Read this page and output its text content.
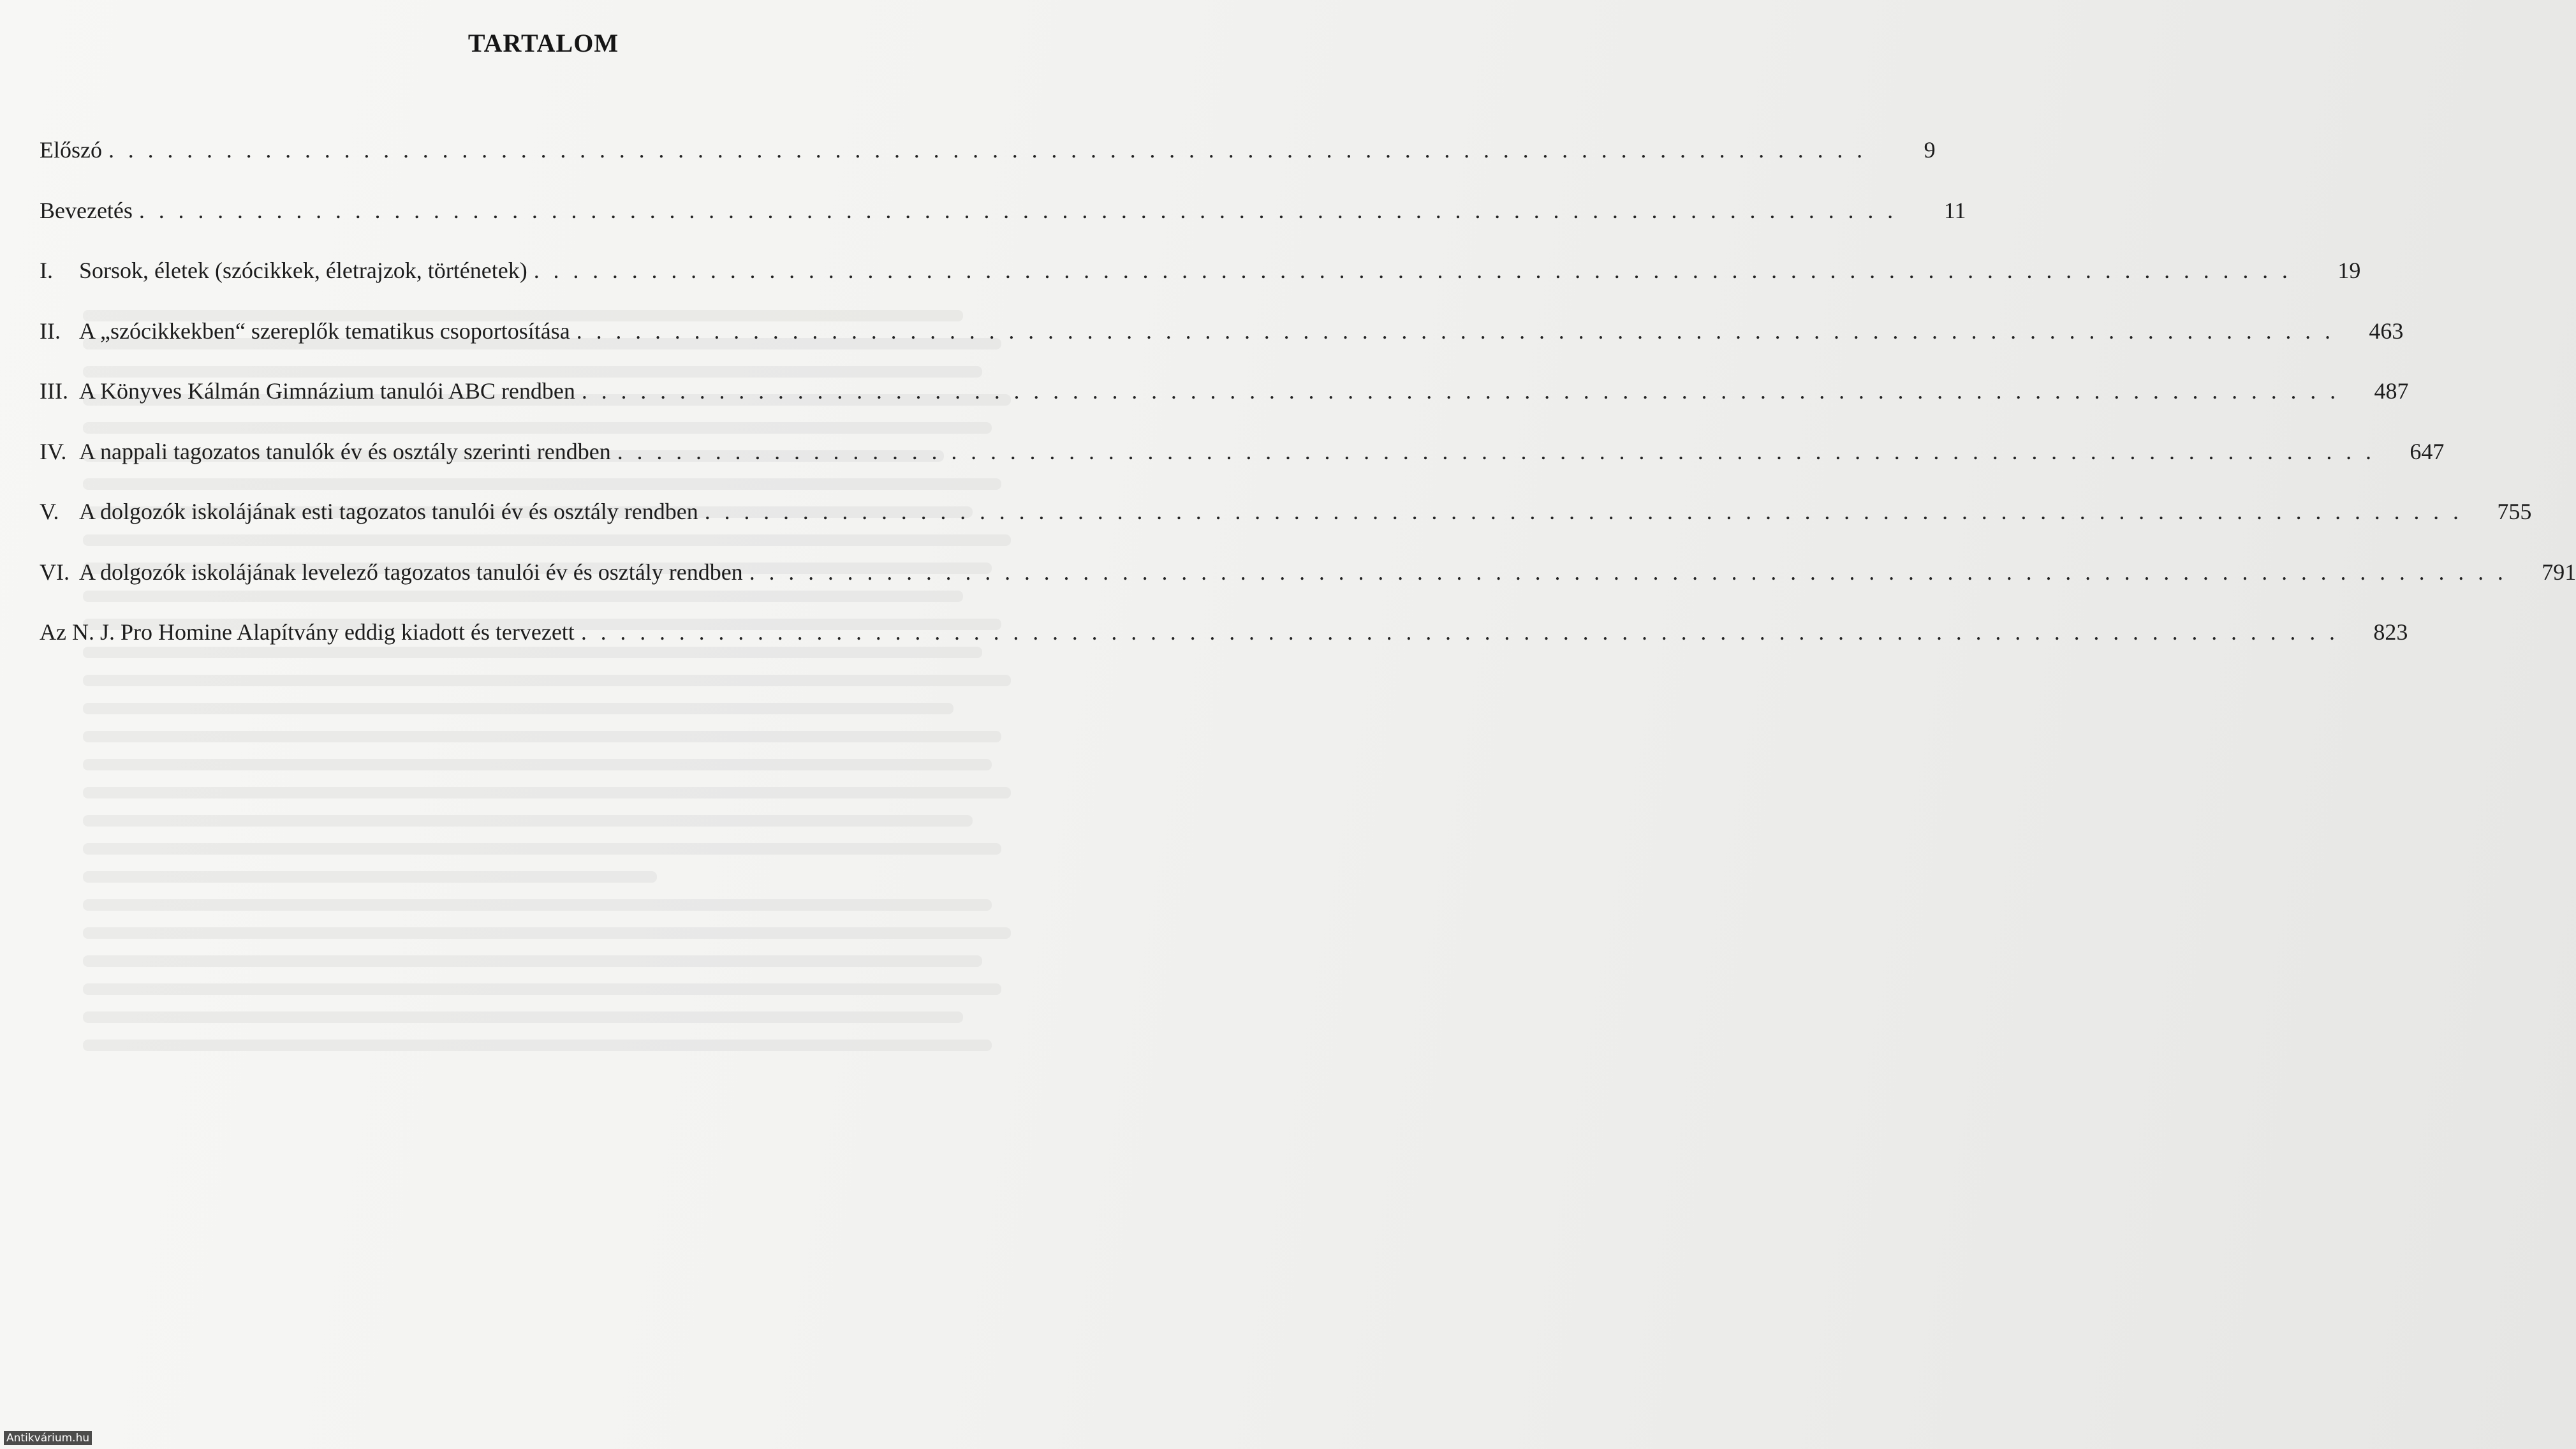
TARTALOM
Előszó . . . . . . . . . . . . . . . . . . . . . . . . . . . . . . . . . . . . . . . . . . . . . . . . . . . . . . . . . . . . . . . . . . . . . . . . . . . . . . . . . . . . . . . . . .	9
Bevezetés . . . . . . . . . . . . . . . . . . . . . . . . . . . . . . . . . . . . . . . . . . . . . . . . . . . . . . . . . . . . . . . . . . . . . . . . . . . . . . . . . . . . . . . . . .	11
I.	Sorsok, életek (szócikkek, életrajzok, történetek) . . . . . . . . . . . . . . . . . . . . . . . . . . . . . . . . . . . . . . . . . . . . . . . . . . . . . . . . . . . . . . . . . . . . . . . . . . . . . . . . . . . . . . . . . .	19
II. A „szócikkekben“ szereplők tematikus csoportosítása . . . . . . . . . . . . . . . . . . . . . . . . . . . . . . . . . . . . . . . . . . . . . . . . . . . . . . . . . . . . . . . . . . . . . . . . . . . . . . . . . . . . . . . . . .	463
III. A Könyves Kálmán Gimnázium tanulói ABC rendben . . . . . . . . . . . . . . . . . . . . . . . . . . . . . . . . . . . . . . . . . . . . . . . . . . . . . . . . . . . . . . . . . . . . . . . . . . . . . . . . . . . . . . . . . .	487
IV. A nappali tagozatos tanulók év és osztály szerinti rendben . . . . . . . . . . . . . . . . . . . . . . . . . . . . . . . . . . . . . . . . . . . . . . . . . . . . . . . . . . . . . . . . . . . . . . . . . . . . . . . . . . . . . . . . . .	647
V. A dolgozók iskolájának esti tagozatos tanulói év és osztály rendben . . . . . . . . . . . . . . . . . . . . . . . . . . . . . . . . . . . . . . . . . . . . . . . . . . . . . . . . . . . . . . . . . . . . . . . . . . . . . . . . . . . . . . . . . .	755
VI. A dolgozók iskolájának levelező tagozatos tanulói év és osztály rendben . . . . . . . . . . . . . . . . . . . . . . . . . . . . . . . . . . . . . . . . . . . . . . . . . . . . . . . . . . . . . . . . . . . . . . . . . . . . . . . . . . . . . . . . . .	791
Az N. J. Pro Homine Alapítvány eddig kiadott és tervezett . . . . . . . . . . . . . . . . . . . . . . . . . . . . . . . . . . . . . . . . . . . . . . . . . . . . . . . . . . . . . . . . . . . . . . . . . . . . . . . . . . . . . . . . . .	823
Antikvárium.hu
